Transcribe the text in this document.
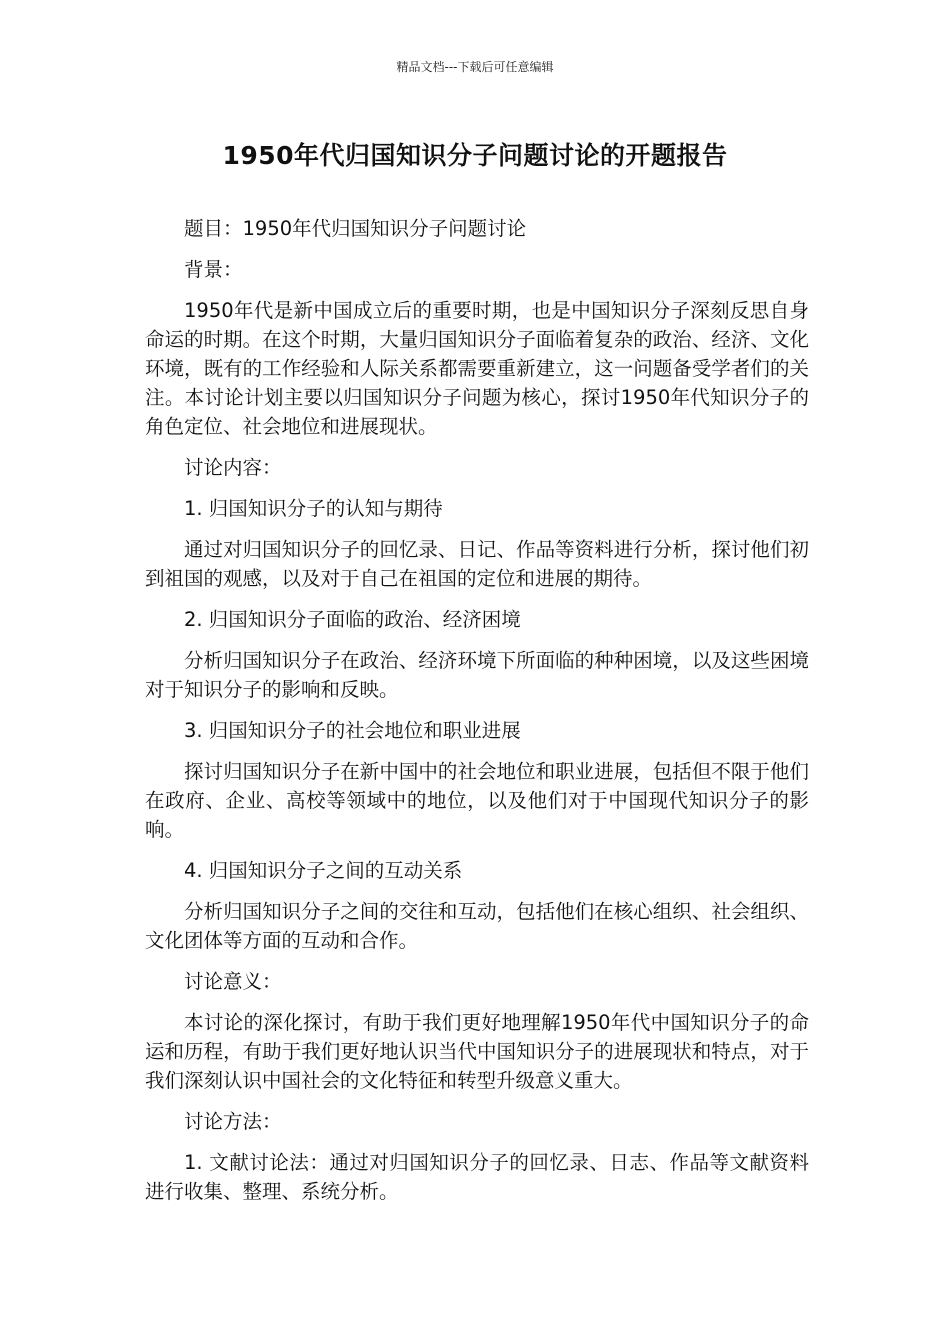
精品文档---下载后可任意编辑
1950年代归国知识分子问题讨论的开题报告

题目：1950年代归国知识分子问题讨论

背景：

1950年代是新中国成立后的重要时期，也是中国知识分子深刻反思自身命运的时期。在这个时期，大量归国知识分子面临着复杂的政治、经济、文化环境，既有的工作经验和人际关系都需要重新建立，这一问题备受学者们的关注。本讨论计划主要以归国知识分子问题为核心，探讨1950年代知识分子的角色定位、社会地位和进展现状。

讨论内容：

1. 归国知识分子的认知与期待

通过对归国知识分子的回忆录、日记、作品等资料进行分析，探讨他们初到祖国的观感，以及对于自己在祖国的定位和进展的期待。

2. 归国知识分子面临的政治、经济困境

分析归国知识分子在政治、经济环境下所面临的种种困境，以及这些困境对于知识分子的影响和反映。

3. 归国知识分子的社会地位和职业进展

探讨归国知识分子在新中国中的社会地位和职业进展，包括但不限于他们在政府、企业、高校等领域中的地位，以及他们对于中国现代知识分子的影响。

4. 归国知识分子之间的互动关系

分析归国知识分子之间的交往和互动，包括他们在核心组织、社会组织、文化团体等方面的互动和合作。

讨论意义：

本讨论的深化探讨，有助于我们更好地理解1950年代中国知识分子的命运和历程，有助于我们更好地认识当代中国知识分子的进展现状和特点，对于我们深刻认识中国社会的文化特征和转型升级意义重大。

讨论方法：

1. 文献讨论法：通过对归国知识分子的回忆录、日志、作品等文献资料进行收集、整理、系统分析。
